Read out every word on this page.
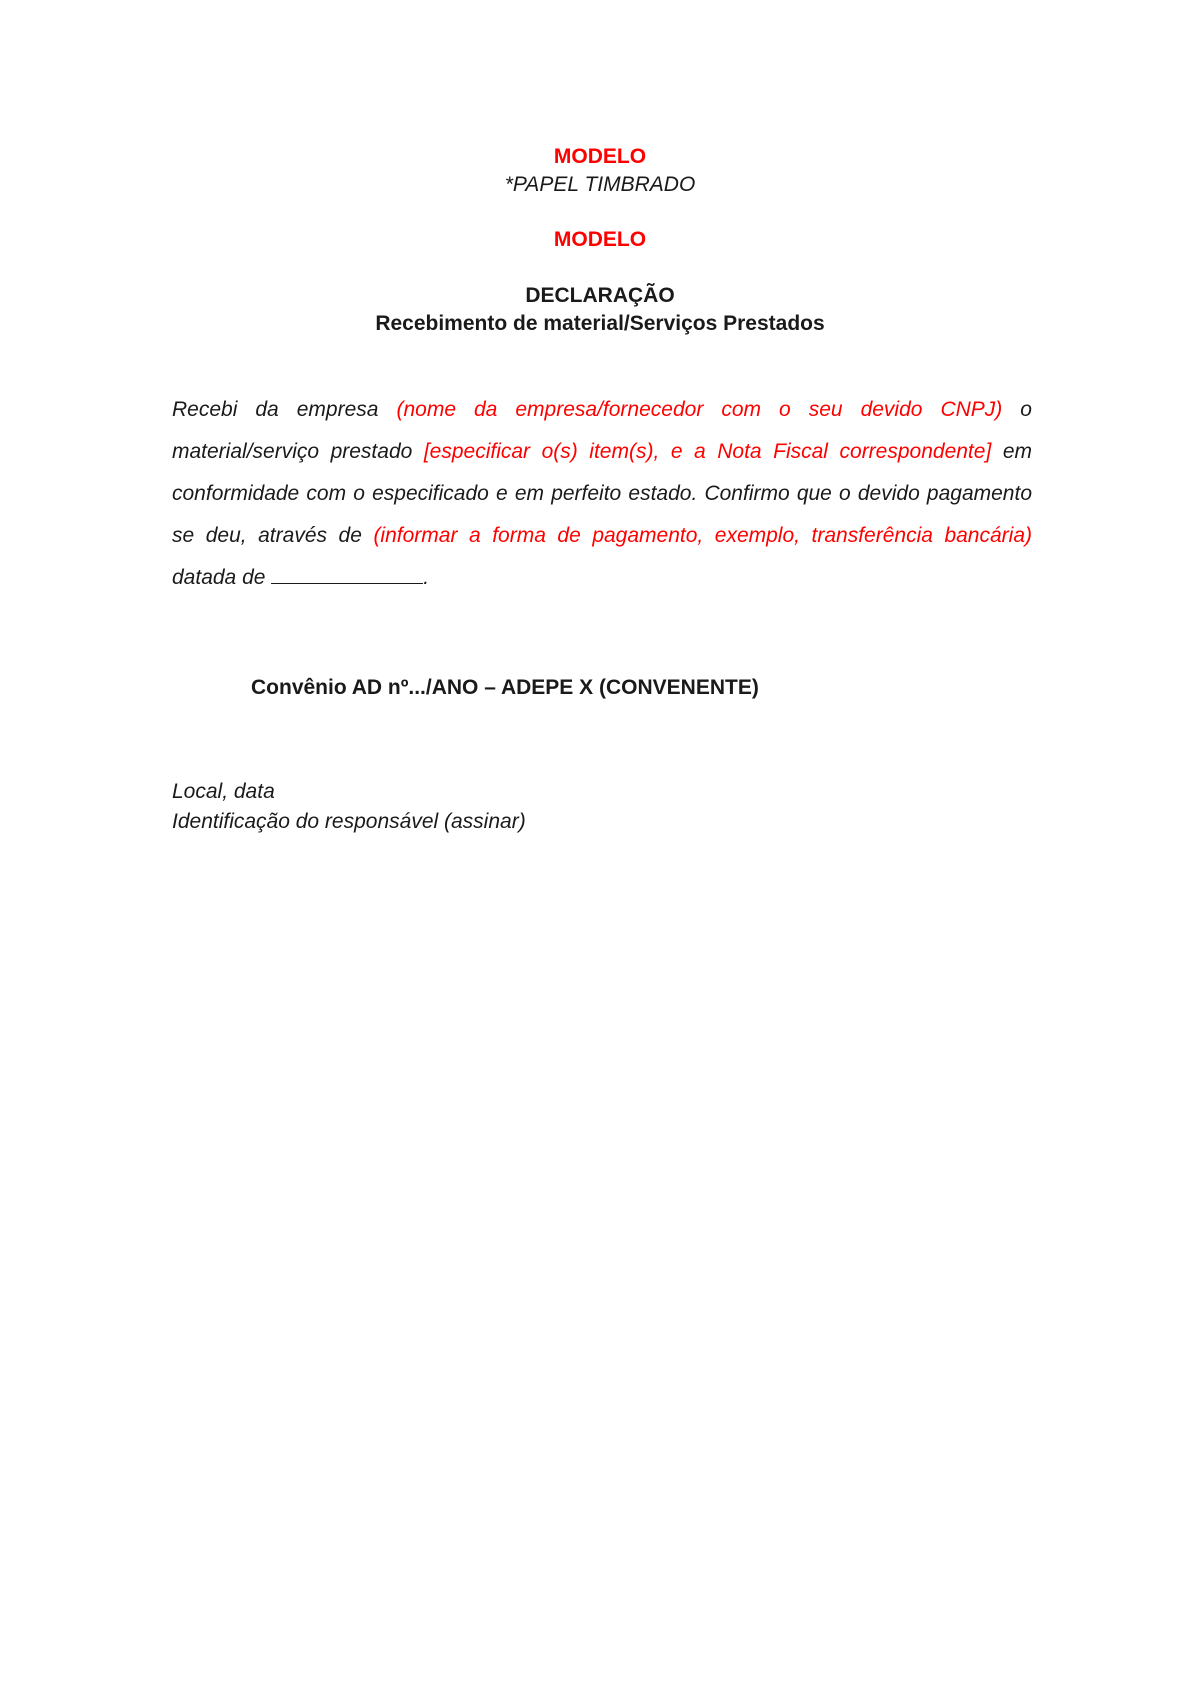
MODELO
*PAPEL TIMBRADO
MODELO
DECLARAÇÃO
Recebimento de material/Serviços Prestados
Recebi da empresa (nome da empresa/fornecedor com o seu devido CNPJ) o material/serviço prestado [especificar o(s) item(s), e a Nota Fiscal correspondente] em conformidade com o especificado e em perfeito estado. Confirmo que o devido pagamento se deu, através de (informar a forma de pagamento, exemplo, transferência bancária) datada de	.
Convênio AD nº.../ANO – ADEPE X (CONVENENTE)
Local, data
Identificação do responsável (assinar)
